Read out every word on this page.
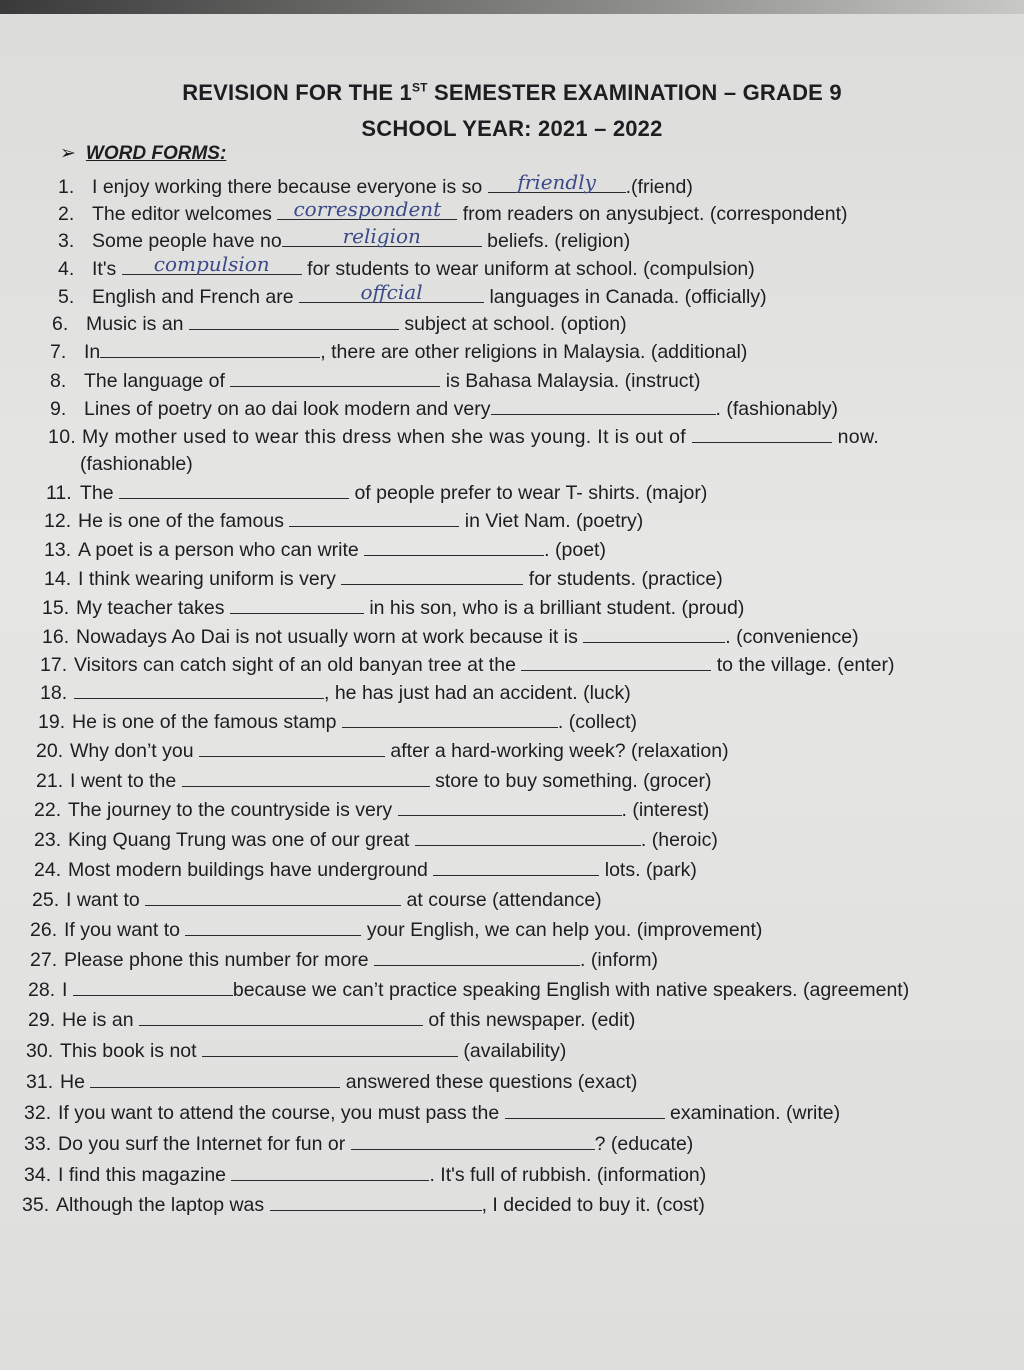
REVISION FOR THE 1ST SEMESTER EXAMINATION – GRADE 9
SCHOOL YEAR: 2021 – 2022
➢ WORD FORMS:
1. I enjoy working there because everyone is so	friendly	.(friend)
2. The editor welcomes correspondent from readers on anysubject. (correspondent)
3. Some people have no	religion	beliefs. (religion)
4. It's	compulsion	for students to wear uniform at school. (compulsion)
5. English and French are	offcial	languages in Canada. (officially)
6. Music is an	subject at school. (option)
7. In	, there are other religions in Malaysia. (additional)
8. The language of	is Bahasa Malaysia. (instruct)
9. Lines of poetry on ao dai look modern and very	. (fashionably)
10. My mother used to wear this dress when she was young. It is out of	now.
(fashionable)
11. The	of people prefer to wear T- shirts. (major)
12. He is one of the famous	in Viet Nam. (poetry)
13. A poet is a person who can write	. (poet)
14. I think wearing uniform is very	for students. (practice)
15. My teacher takes	in his son, who is a brilliant student. (proud)
16. Nowadays Ao Dai is not usually worn at work because it is	. (convenience)
17. Visitors can catch sight of an old banyan tree at the	to the village. (enter)
18.	, he has just had an accident. (luck)
19. He is one of the famous stamp	. (collect)
20. Why don’t you	after a hard-working week? (relaxation)
21. I went to the	store to buy something. (grocer)
22. The journey to the countryside is very	. (interest)
23. King Quang Trung was one of our great	. (heroic)
24. Most modern buildings have underground	lots. (park)
25. I want to	at course (attendance)
26. If you want to	your English, we can help you. (improvement)
27. Please phone this number for more	. (inform)
28. I	because we can’t practice speaking English with native speakers. (agreement)
29. He is an	of this newspaper. (edit)
30. This book is not	(availability)
31. He	answered these questions (exact)
32. If you want to attend the course, you must pass the	examination. (write)
33. Do you surf the Internet for fun or	? (educate)
34. I find this magazine	. It's full of rubbish. (information)
35. Although the laptop was	, I decided to buy it. (cost)
